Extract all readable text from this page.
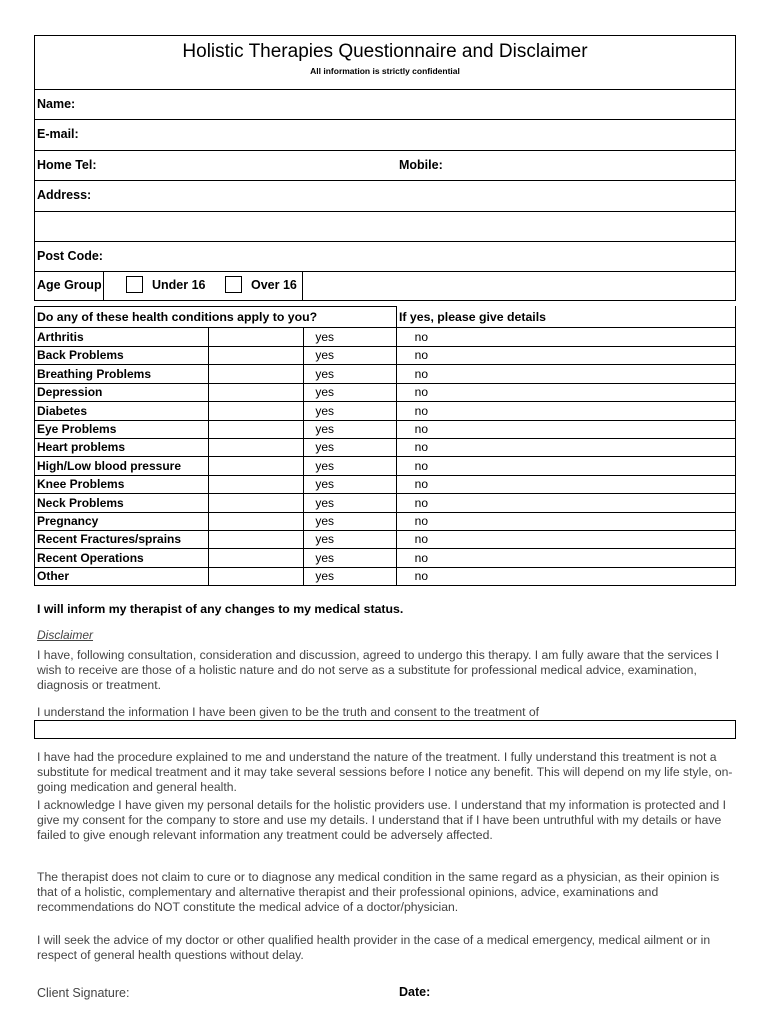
Holistic Therapies Questionnaire and Disclaimer
All information is strictly confidential
Name:
E-mail:
Home Tel:	Mobile:
Address:
Post Code:
Age Group	Under 16	Over 16
Do any of these health conditions apply to you?	If yes, please give details
Arthritis	yes	no
Back Problems	yes	no
Breathing Problems	yes	no
Depression	yes	no
Diabetes	yes	no
Eye Problems	yes	no
Heart problems	yes	no
High/Low blood pressure	yes	no
Knee Problems	yes	no
Neck Problems	yes	no
Pregnancy	yes	no
Recent Fractures/sprains	yes	no
Recent Operations	yes	no
Other	yes	no
I will inform my therapist of any changes to my medical status.
Disclaimer
I have, following consultation, consideration and discussion, agreed to undergo this therapy. I am fully aware that the services I wish to receive are those of a holistic nature and do not serve as a substitute for professional medical advice, examination, diagnosis or treatment.
I understand the information I have been given to be the truth and consent to the treatment of
I have had the procedure explained to me and understand the nature of the treatment. I fully understand this treatment is not a substitute for medical treatment and it may take several sessions before I notice any benefit. This will depend on my life style, on-going medication and general health.
I acknowledge I have given my personal details for the holistic providers use. I understand that my information is protected and I give my consent for the company to store and use my details. I understand that if I have been untruthful with my details or have failed to give enough relevant information any treatment could be adversely affected.
The therapist does not claim to cure or to diagnose any medical condition in the same regard as a physician, as their opinion is that of a holistic, complementary and alternative therapist and their professional opinions, advice, examinations and recommendations do NOT constitute the medical advice of a doctor/physician.
I will seek the advice of my doctor or other qualified health provider in the case of a medical emergency, medical ailment or in respect of general health questions without delay.
Client Signature:	Date:
